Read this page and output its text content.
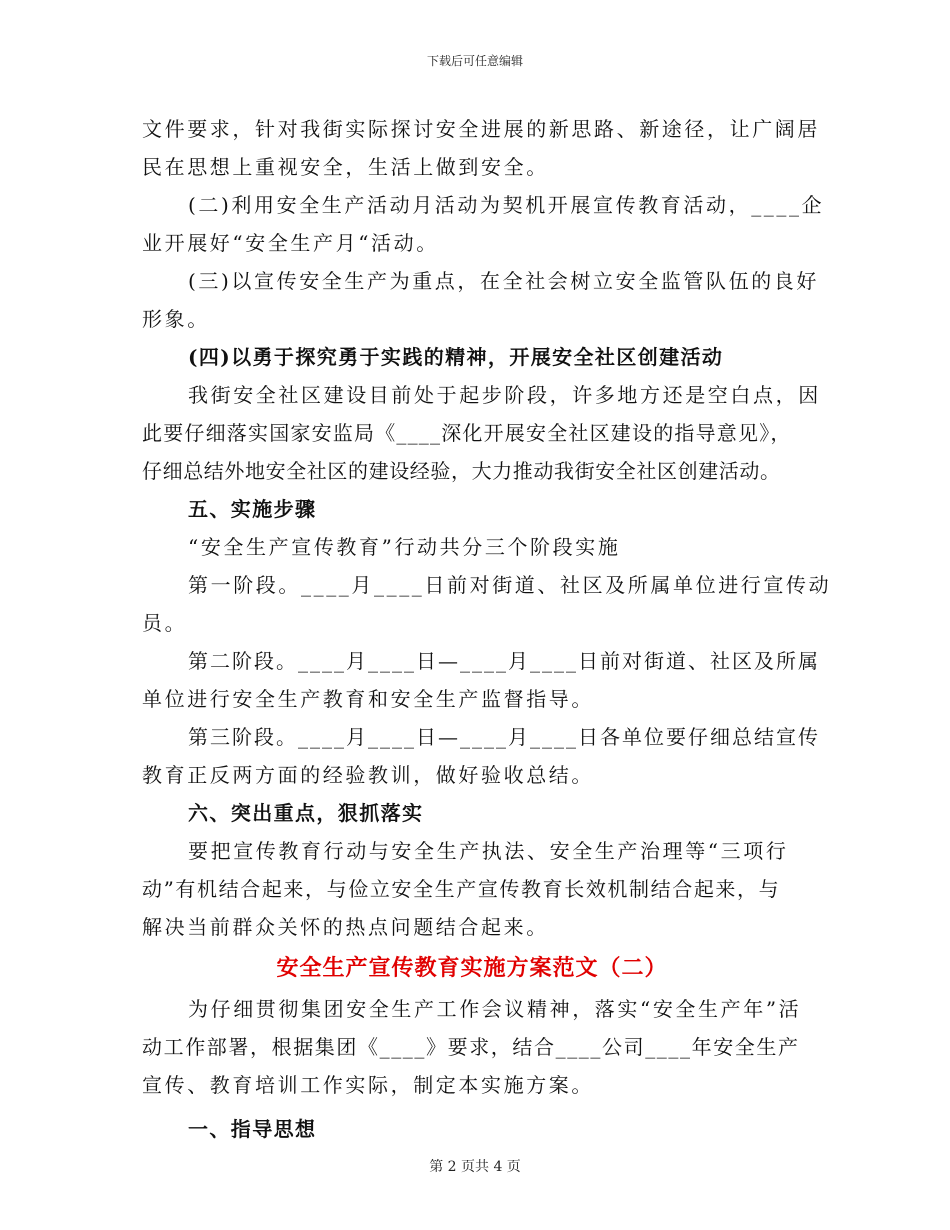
下载后可任意编辑
文件要求，针对我街实际探讨安全进展的新思路、新途径，让广阔居
民在思想上重视安全，生活上做到安全。
(二)利用安全生产活动月活动为契机开展宣传教育活动，____企
业开展好“安全生产月“活动。
(三)以宣传安全生产为重点，在全社会树立安全监管队伍的良好
形象。
(四)以勇于探究勇于实践的精神，开展安全社区创建活动
我街安全社区建设目前处于起步阶段，许多地方还是空白点，因
此要仔细落实国家安监局《____深化开展安全社区建设的指导意见》，
仔细总结外地安全社区的建设经验，大力推动我街安全社区创建活动。
五、实施步骤
“安全生产宣传教育”行动共分三个阶段实施
第一阶段。____月____日前对街道、社区及所属单位进行宣传动
员。
第二阶段。____月____日—____月____日前对街道、社区及所属
单位进行安全生产教育和安全生产监督指导。
第三阶段。____月____日—____月____日各单位要仔细总结宣传
教育正反两方面的经验教训，做好验收总结。
六、突出重点，狠抓落实
要把宣传教育行动与安全生产执法、安全生产治理等“三项行
动”有机结合起来，与俭立安全生产宣传教育长效机制结合起来，与
解决当前群众关怀的热点问题结合起来。
安全生产宣传教育实施方案范文（二）
为仔细贯彻集团安全生产工作会议精神，落实“安全生产年”活
动工作部署，根据集团《____》要求，结合____公司____年安全生产
宣传、教育培训工作实际，制定本实施方案。
一、指导思想
第 2 页共 4 页
